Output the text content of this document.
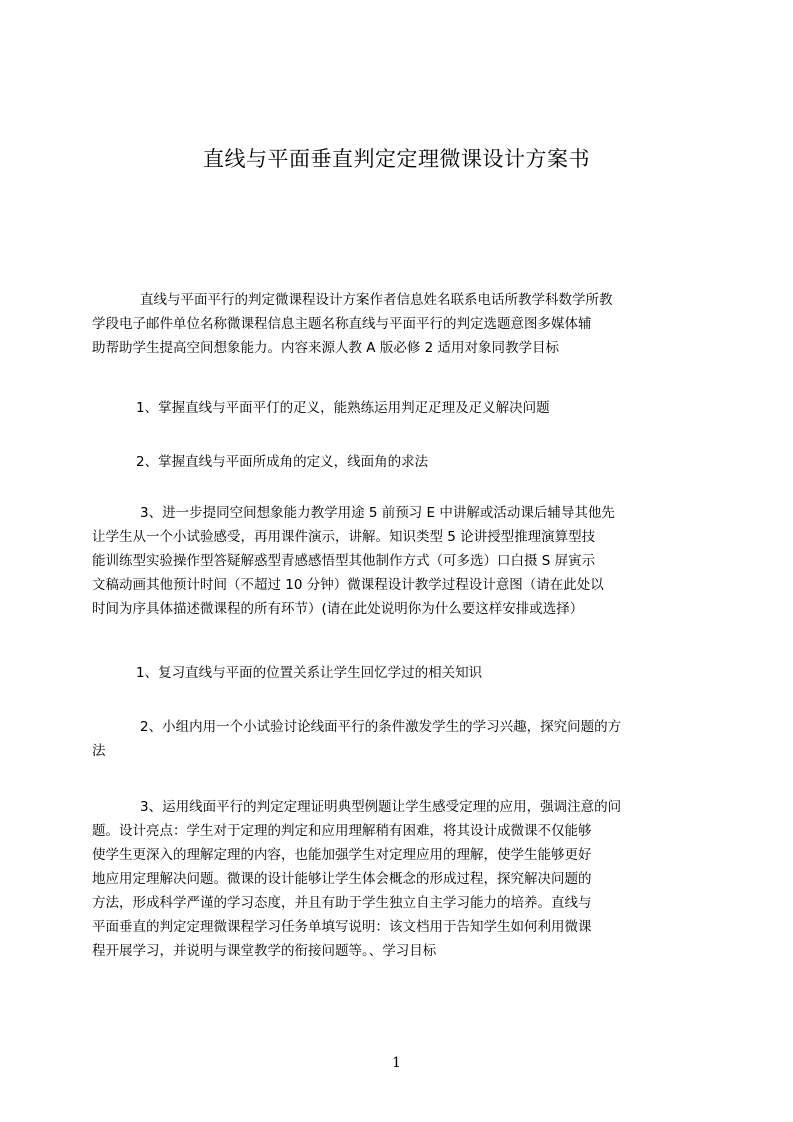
直线与平面垂直判定定理微课设计方案书
直线与平面平行的判定微课程设计方案作者信息姓名联系电话所教学科数学所教
学段电子邮件单位名称微课程信息主题名称直线与平面平行的判定选题意图多媒体辅
助帮助学生提高空间想象能力。内容来源人教 A 版必修 2 适用对象同教学目标
1、掌握直线与平面平仃的疋义，能熟练运用判疋疋理及疋义解决问题
2、掌握直线与平面所成角的定义，线面角的求法
3、进一步提同空间想象能力教学用途 5 前预习 E 中讲解或活动课后辅导其他先
让学生从一个小试验感受，再用课件演示，讲解。知识类型 5 论讲授型推理演算型技
能训练型实验操作型答疑解惑型青感感悟型其他制作方式（可多选）口白摄 S 屏寅示
文稿动画其他预计时间（不超过 10 分钟）微课程设计教学过程设计意图（请在此处以
时间为序具体描述微课程的所有环节）(请在此处说明你为什么要这样安排或选择）
1、复习直线与平面的位置关系让学生回忆学过的相关知识
2、小组内用一个小试验讨论线面平行的条件激发学生的学习兴趣，探究问题的方
法
3、运用线面平行的判定定理证明典型例题让学生感受定理的应用，强调注意的问
题。设计亮点：学生对于定理的判定和应用理解稍有困难，将其设计成微课不仅能够
使学生更深入的理解定理的内容，也能加强学生对定理应用的理解，使学生能够更好
地应用定理解决问题。微课的设计能够让学生体会概念的形成过程，探究解决问题的
方法，形成科学严谨的学习态度，并且有助于学生独立自主学习能力的培养。直线与
平面垂直的判定定理微课程学习任务单填写说明：该文档用于告知学生如何利用微课
程开展学习，并说明与课堂教学的衔接问题等。、学习目标

1
